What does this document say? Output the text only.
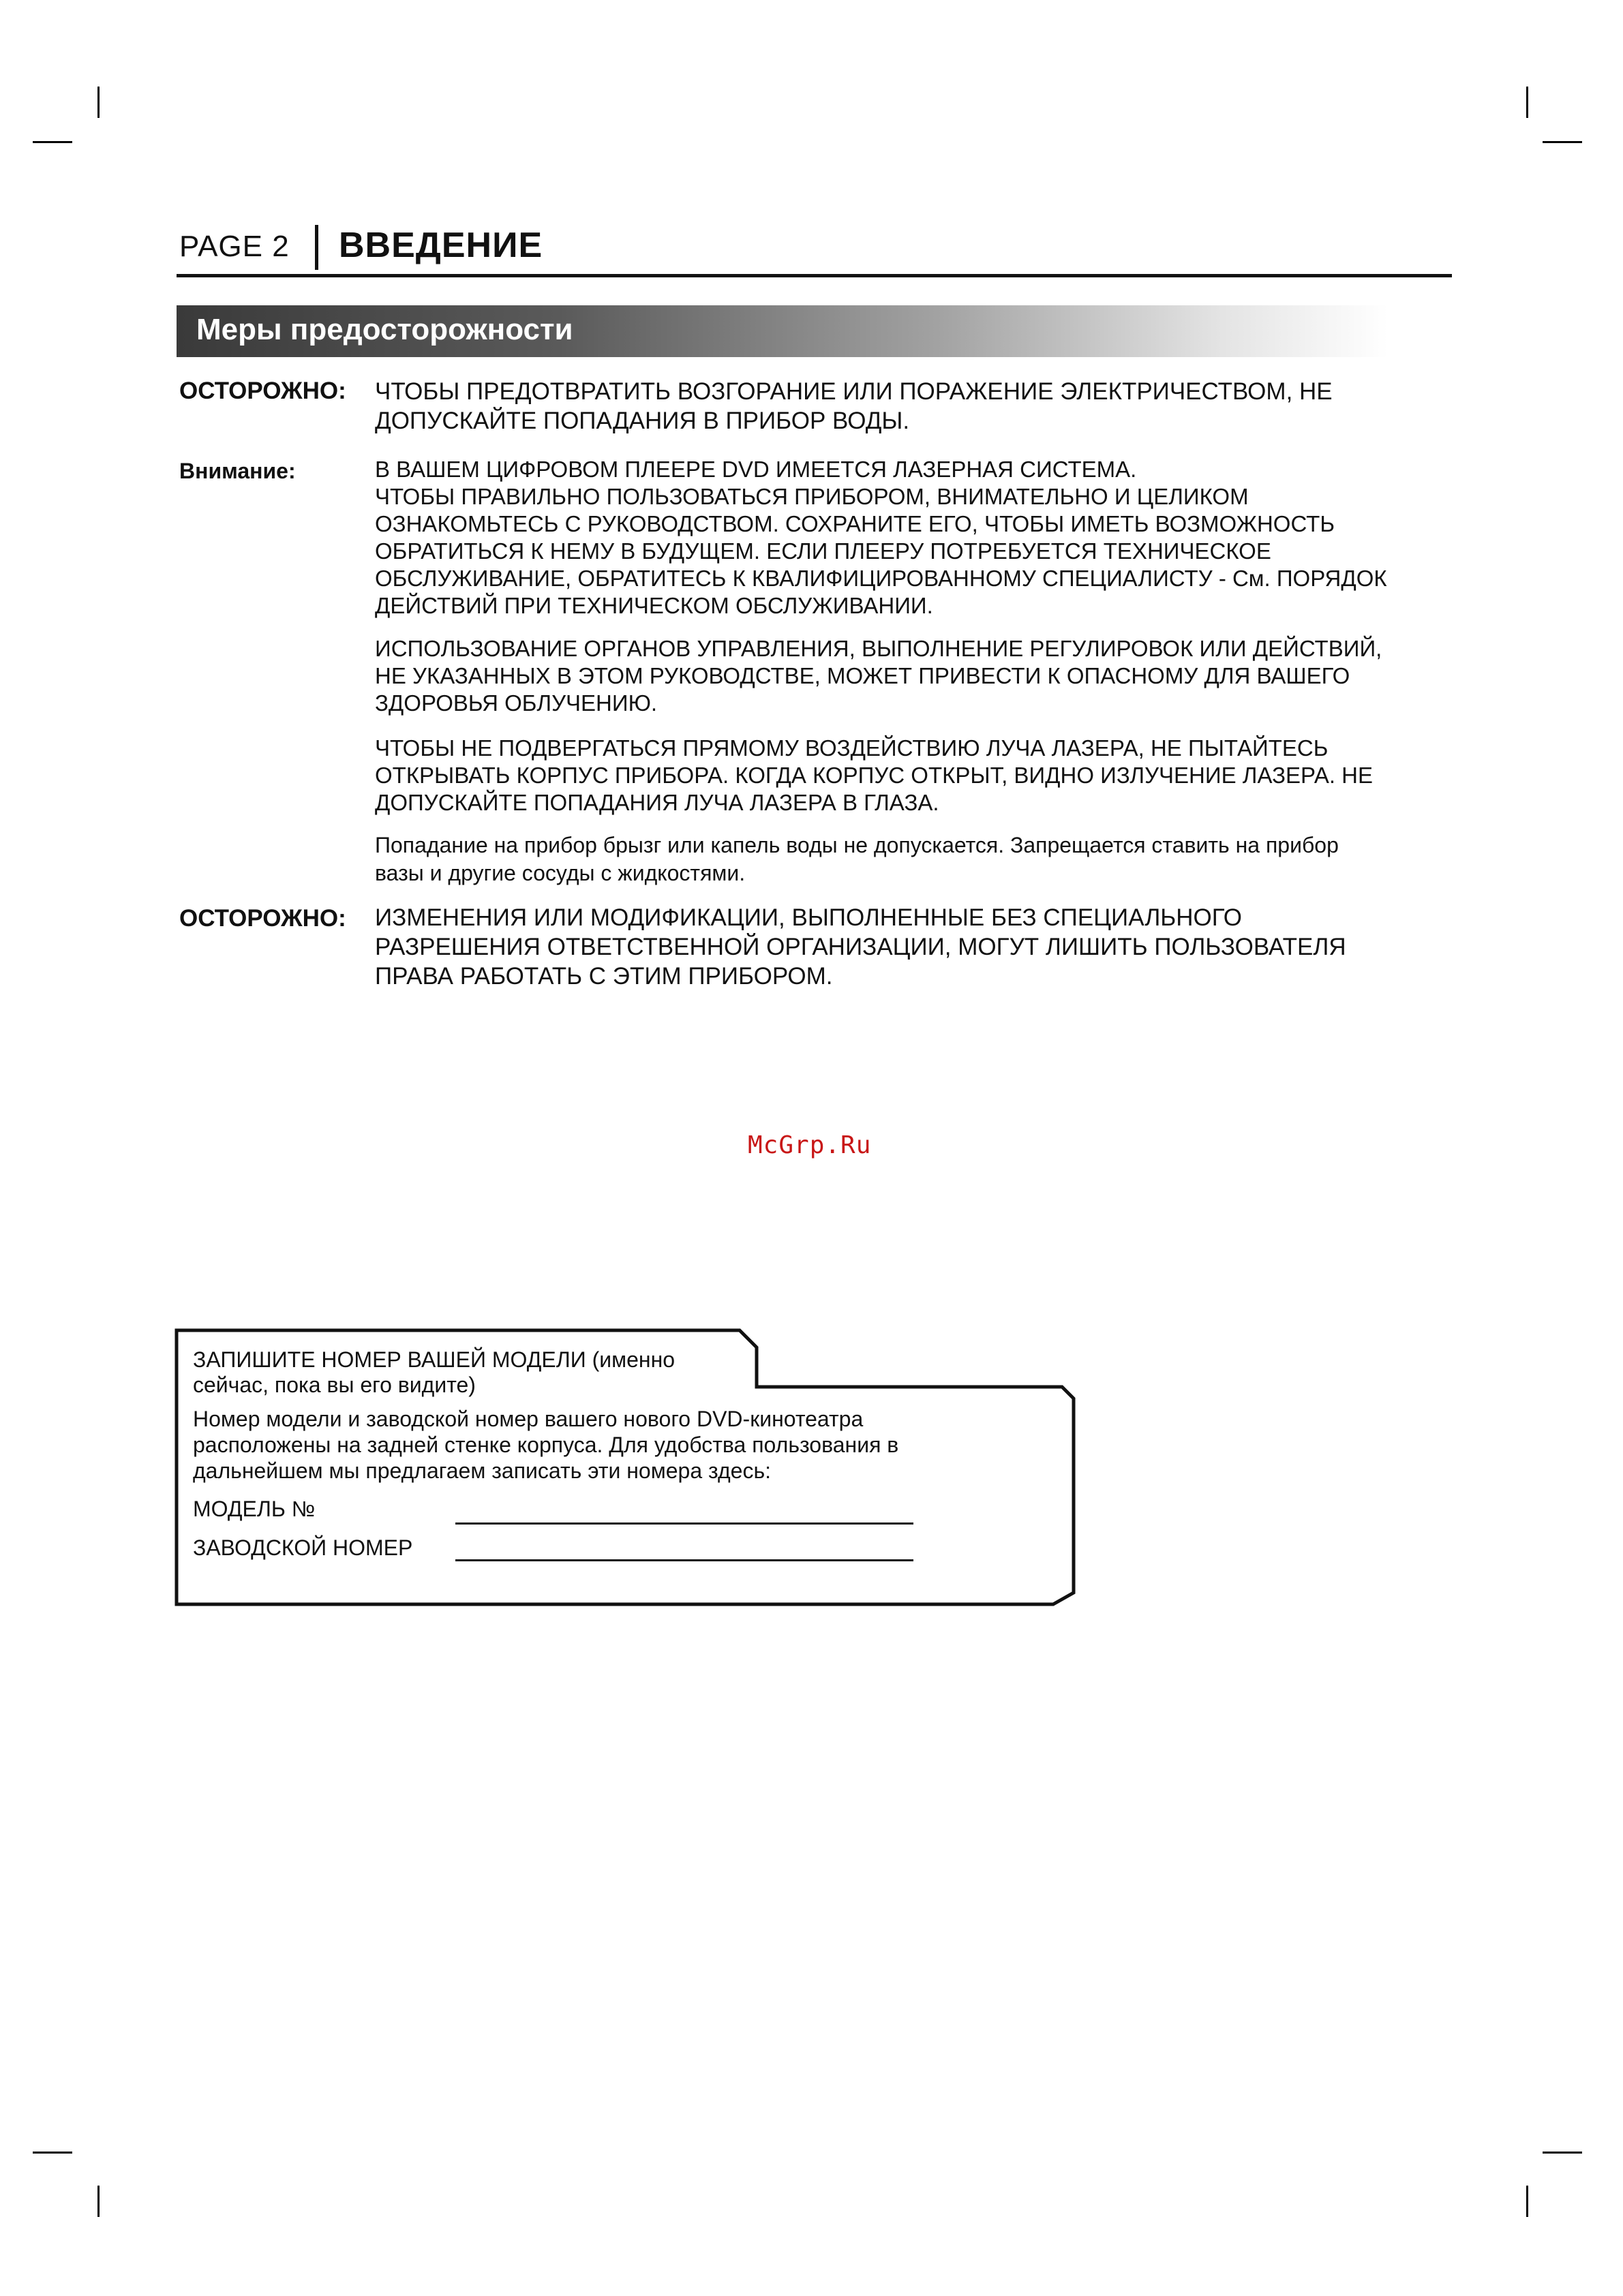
PAGE 2 ВВЕДЕНИЕ
Меры предосторожности
ОСТОРОЖНО: ЧТОБЫ ПРЕДОТВРАТИТЬ ВОЗГОРАНИЕ ИЛИ ПОРАЖЕНИЕ ЭЛЕКТРИЧЕСТВОМ, НЕ
ДОПУСКАЙТЕ ПОПАДАНИЯ В ПРИБОР ВОДЫ.
Внимание:	В ВАШЕМ ЦИФРОВОМ ПЛЕЕРЕ DVD ИМЕЕТСЯ ЛАЗЕРНАЯ СИСТЕМА.
ЧТОБЫ ПРАВИЛЬНО ПОЛЬЗОВАТЬСЯ ПРИБОРОМ, ВНИМАТЕЛЬНО И ЦЕЛИКОМ
ОЗНАКОМЬТЕСЬ С РУКОВОДСТВОМ. СОХРАНИТЕ ЕГО, ЧТОБЫ ИМЕТЬ ВОЗМОЖНОСТЬ
ОБРАТИТЬСЯ К НЕМУ В БУДУЩЕМ. ЕСЛИ ПЛЕЕРУ ПОТРЕБУЕТСЯ ТЕХНИЧЕСКОЕ
ОБСЛУЖИВАНИЕ, ОБРАТИТЕСЬ К КВАЛИФИЦИРОВАННОМУ СПЕЦИАЛИСТУ - См. ПОРЯДОК
ДЕЙСТВИЙ ПРИ ТЕХНИЧЕСКОМ ОБСЛУЖИВАНИИ.
ИСПОЛЬЗОВАНИЕ ОРГАНОВ УПРАВЛЕНИЯ, ВЫПОЛНЕНИЕ РЕГУЛИРОВОК ИЛИ ДЕЙСТВИЙ,
НЕ УКАЗАННЫХ В ЭТОМ РУКОВОДСТВЕ, МОЖЕТ ПРИВЕСТИ К ОПАСНОМУ ДЛЯ ВАШЕГО
ЗДОРОВЬЯ ОБЛУЧЕНИЮ.
ЧТОБЫ НЕ ПОДВЕРГАТЬСЯ ПРЯМОМУ ВОЗДЕЙСТВИЮ ЛУЧА ЛАЗЕРА, НЕ ПЫТАЙТЕСЬ
ОТКРЫВАТЬ КОРПУС ПРИБОРА. КОГДА КОРПУС ОТКРЫТ, ВИДНО ИЗЛУЧЕНИЕ ЛАЗЕРА. НЕ
ДОПУСКАЙТЕ ПОПАДАНИЯ ЛУЧА ЛАЗЕРА В ГЛАЗА.
Попадание на прибор брызг или капель воды не допускается. Запрещается ставить на прибор
вазы и другие сосуды с жидкостями.
ОСТОРОЖНО: ИЗМЕНЕНИЯ ИЛИ МОДИФИКАЦИИ, ВЫПОЛНЕННЫЕ БЕЗ СПЕЦИАЛЬНОГО
РАЗРЕШЕНИЯ ОТВЕТСТВЕННОЙ ОРГАНИЗАЦИИ, МОГУТ ЛИШИТЬ ПОЛЬЗОВАТЕЛЯ
ПРАВА РАБОТАТЬ С ЭТИМ ПРИБОРОМ.
McGrp.Ru
ЗАПИШИТЕ НОМЕР ВАШЕЙ МОДЕЛИ (именно
сейчас, пока вы его видите)
Номер модели и заводской номер вашего нового DVD-кинотеатра
расположены на задней стенке корпуса. Для удобства пользования в
дальнейшем мы предлагаем записать эти номера здесь:
МОДЕЛЬ №
ЗАВОДСКОЙ НОМЕР
